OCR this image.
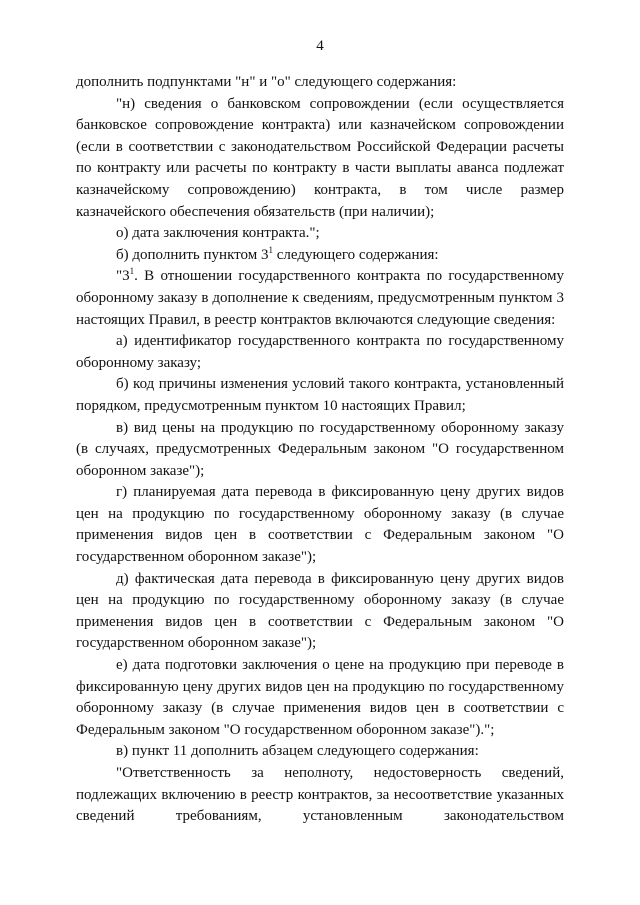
4

дополнить подпунктами "н" и "о" следующего содержания:

"н) сведения о банковском сопровождении (если осуществляется банковское сопровождение контракта) или казначейском сопровождении (если в соответствии с законодательством Российской Федерации расчеты по контракту или расчеты по контракту в части выплаты аванса подлежат казначейскому сопровождению) контракта, в том числе размер казначейского обеспечения обязательств (при наличии);

о) дата заключения контракта.";

б) дополнить пунктом $3^1$ следующего содержания:

"$3^1$. В отношении государственного контракта по государственному оборонному заказу в дополнение к сведениям, предусмотренным пунктом 3 настоящих Правил, в реестр контрактов включаются следующие сведения:

а) идентификатор государственного контракта по государственному оборонному заказу;

б) код причины изменения условий такого контракта, установленный порядком, предусмотренным пунктом 10 настоящих Правил;

в) вид цены на продукцию по государственному оборонному заказу (в случаях, предусмотренных Федеральным законом "О государственном оборонном заказе");

г) планируемая дата перевода в фиксированную цену других видов цен на продукцию по государственному оборонному заказу (в случае применения видов цен в соответствии с Федеральным законом "О государственном оборонном заказе");

д) фактическая дата перевода в фиксированную цену других видов цен на продукцию по государственному оборонному заказу (в случае применения видов цен в соответствии с Федеральным законом "О государственном оборонном заказе");

е) дата подготовки заключения о цене на продукцию при переводе в фиксированную цену других видов цен на продукцию по государственному оборонному заказу (в случае применения видов цен в соответствии с Федеральным законом "О государственном оборонном заказе").";

в) пункт 11 дополнить абзацем следующего содержания:

"Ответственность за неполноту, недостоверность сведений, подлежащих включению в реестр контрактов, за несоответствие указанных сведений требованиям, установленным законодательством
